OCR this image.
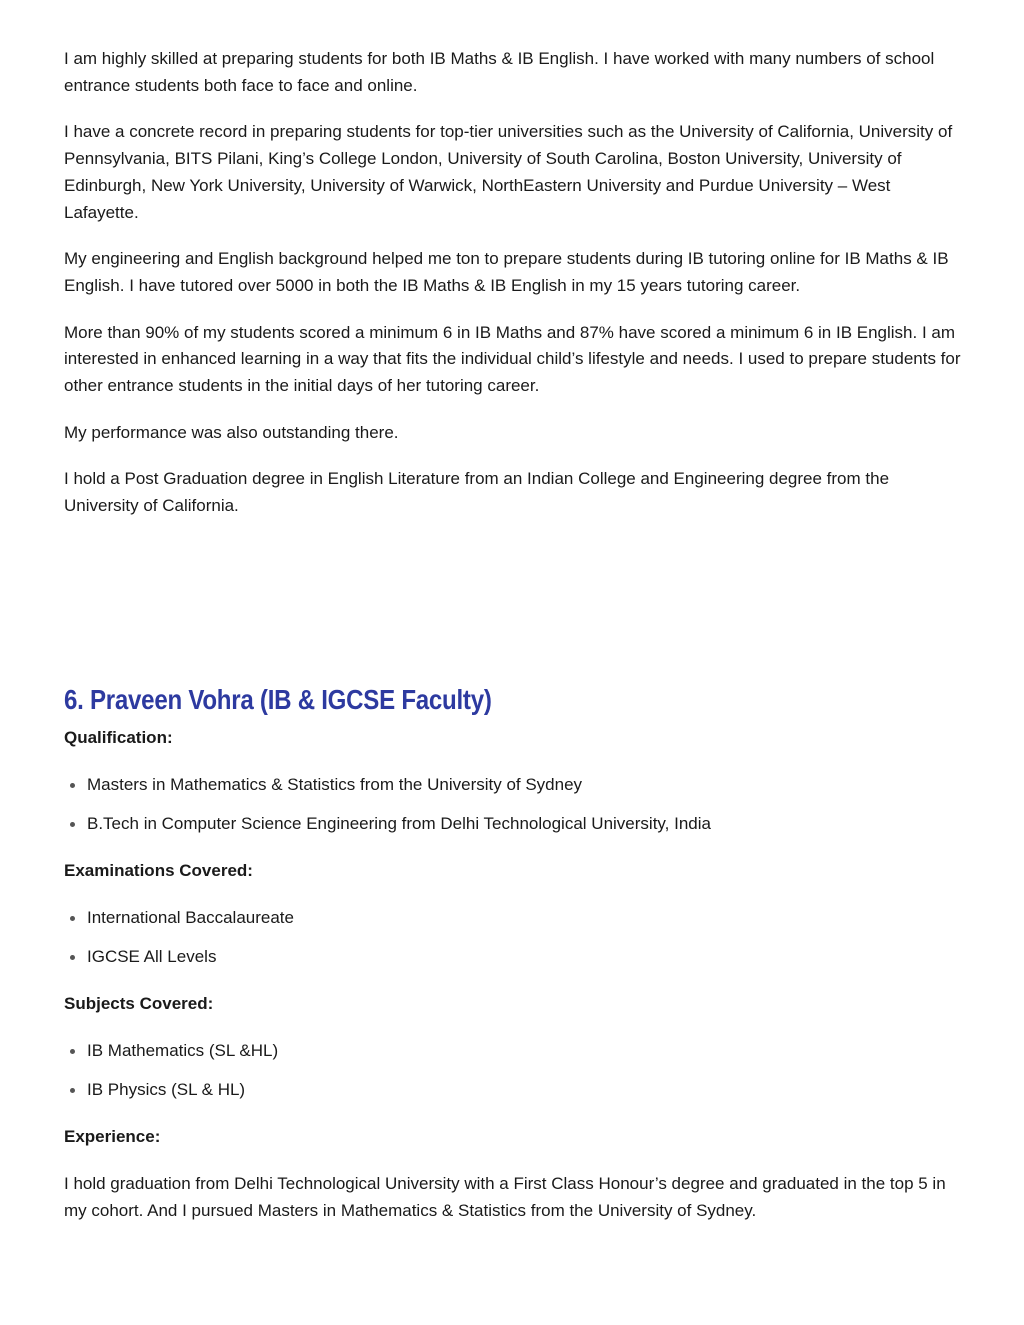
I am highly skilled at preparing students for both IB Maths & IB English. I have worked with many numbers of school entrance students both face to face and online.

I have a concrete record in preparing students for top-tier universities such as the University of California, University of Pennsylvania, BITS Pilani, King’s College London, University of South Carolina, Boston University, University of Edinburgh, New York University, University of Warwick, NorthEastern University and Purdue University – West Lafayette.

My engineering and English background helped me ton to prepare students during IB tutoring online for IB Maths & IB English. I have tutored over 5000 in both the IB Maths & IB English in my 15 years tutoring career.

More than 90% of my students scored a minimum 6 in IB Maths and 87% have scored a minimum 6 in IB English. I am interested in enhanced learning in a way that fits the individual child’s lifestyle and needs. I used to prepare students for other entrance students in the initial days of her tutoring career.

My performance was also outstanding there.

I hold a Post Graduation degree in English Literature from an Indian College and Engineering degree from the University of California.

6. Praveen Vohra (IB & IGCSE Faculty)
Qualification:
Masters in Mathematics & Statistics from the University of Sydney
B.Tech in Computer Science Engineering from Delhi Technological University, India
Examinations Covered:
International Baccalaureate
IGCSE All Levels
Subjects Covered:
IB Mathematics (SL &HL)
IB Physics (SL & HL)
Experience:

I hold graduation from Delhi Technological University with a First Class Honour’s degree and graduated in the top 5 in my cohort. And I pursued Masters in Mathematics & Statistics from the University of Sydney.
